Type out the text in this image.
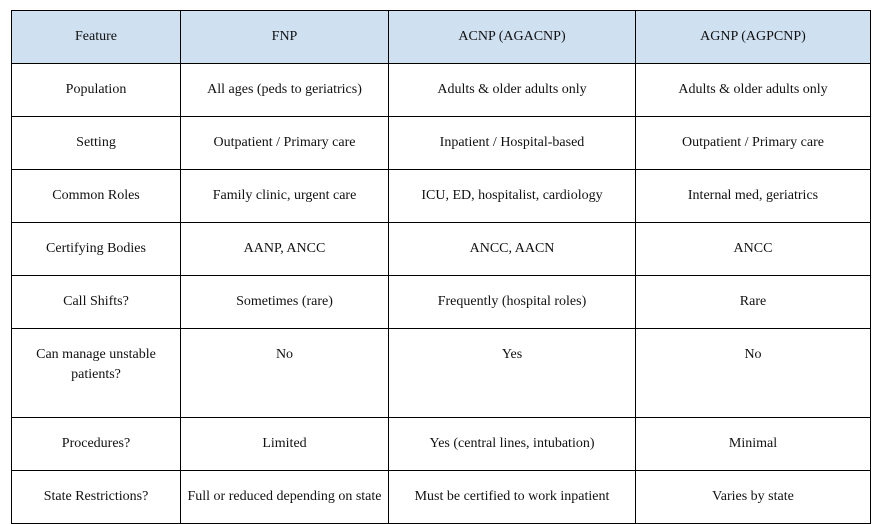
Feature	FNP	ACNP (AGACNP)	AGNP (AGPCNP)
Population	All ages (peds to geriatrics)	Adults & older adults only	Adults & older adults only
Setting	Outpatient / Primary care	Inpatient / Hospital-based	Outpatient / Primary care
Common Roles	Family clinic, urgent care	ICU, ED, hospitalist, cardiology	Internal med, geriatrics
Certifying Bodies	AANP, ANCC	ANCC, AACN	ANCC
Call Shifts?	Sometimes (rare)	Frequently (hospital roles)	Rare
Can manage unstable patients?	No	Yes	No
Procedures?	Limited	Yes (central lines, intubation)	Minimal
State Restrictions?	Full or reduced depending on state	Must be certified to work inpatient	Varies by state
